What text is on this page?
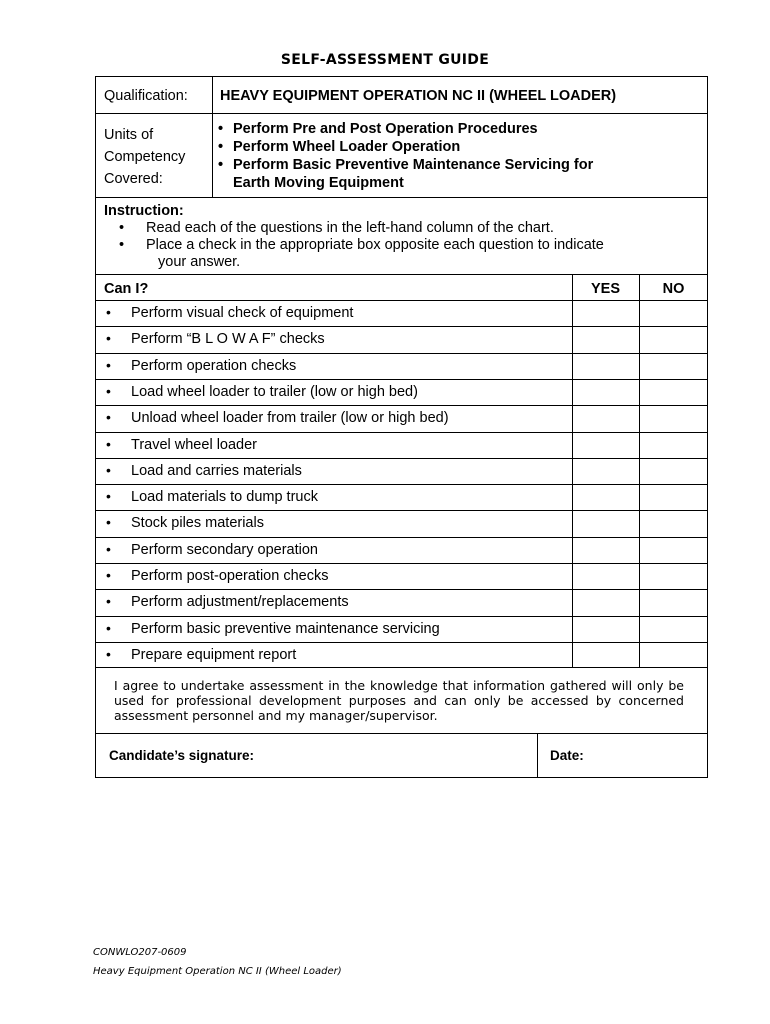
SELF-ASSESSMENT GUIDE
Qualification: HEAVY EQUIPMENT OPERATION NC II (WHEEL LOADER)
Units of
Competency
Covered:
• Perform Pre and Post Operation Procedures
• Perform Wheel Loader Operation
• Perform Basic Preventive Maintenance Servicing for
Earth Moving Equipment
Instruction:
• Read each of the questions in the left-hand column of the chart.
• Place a check in the appropriate box opposite each question to indicate
your answer.
Can I?	YES	NO
• Perform visual check of equipment
• Perform “B L O W A F” checks
• Perform operation checks
• Load wheel loader to trailer (low or high bed)
• Unload wheel loader from trailer (low or high bed)
• Travel wheel loader
• Load and carries materials
• Load materials to dump truck
• Stock piles materials
• Perform secondary operation
• Perform post-operation checks
• Perform adjustment/replacements
• Perform basic preventive maintenance servicing
• Prepare equipment report

I agree to undertake assessment in the knowledge that information gathered will only be used for professional development purposes and can only be accessed by concerned assessment personnel and my manager/supervisor.

Candidate’s signature:	Date:
CONWLO207-0609
Heavy Equipment Operation NC II (Wheel Loader)
